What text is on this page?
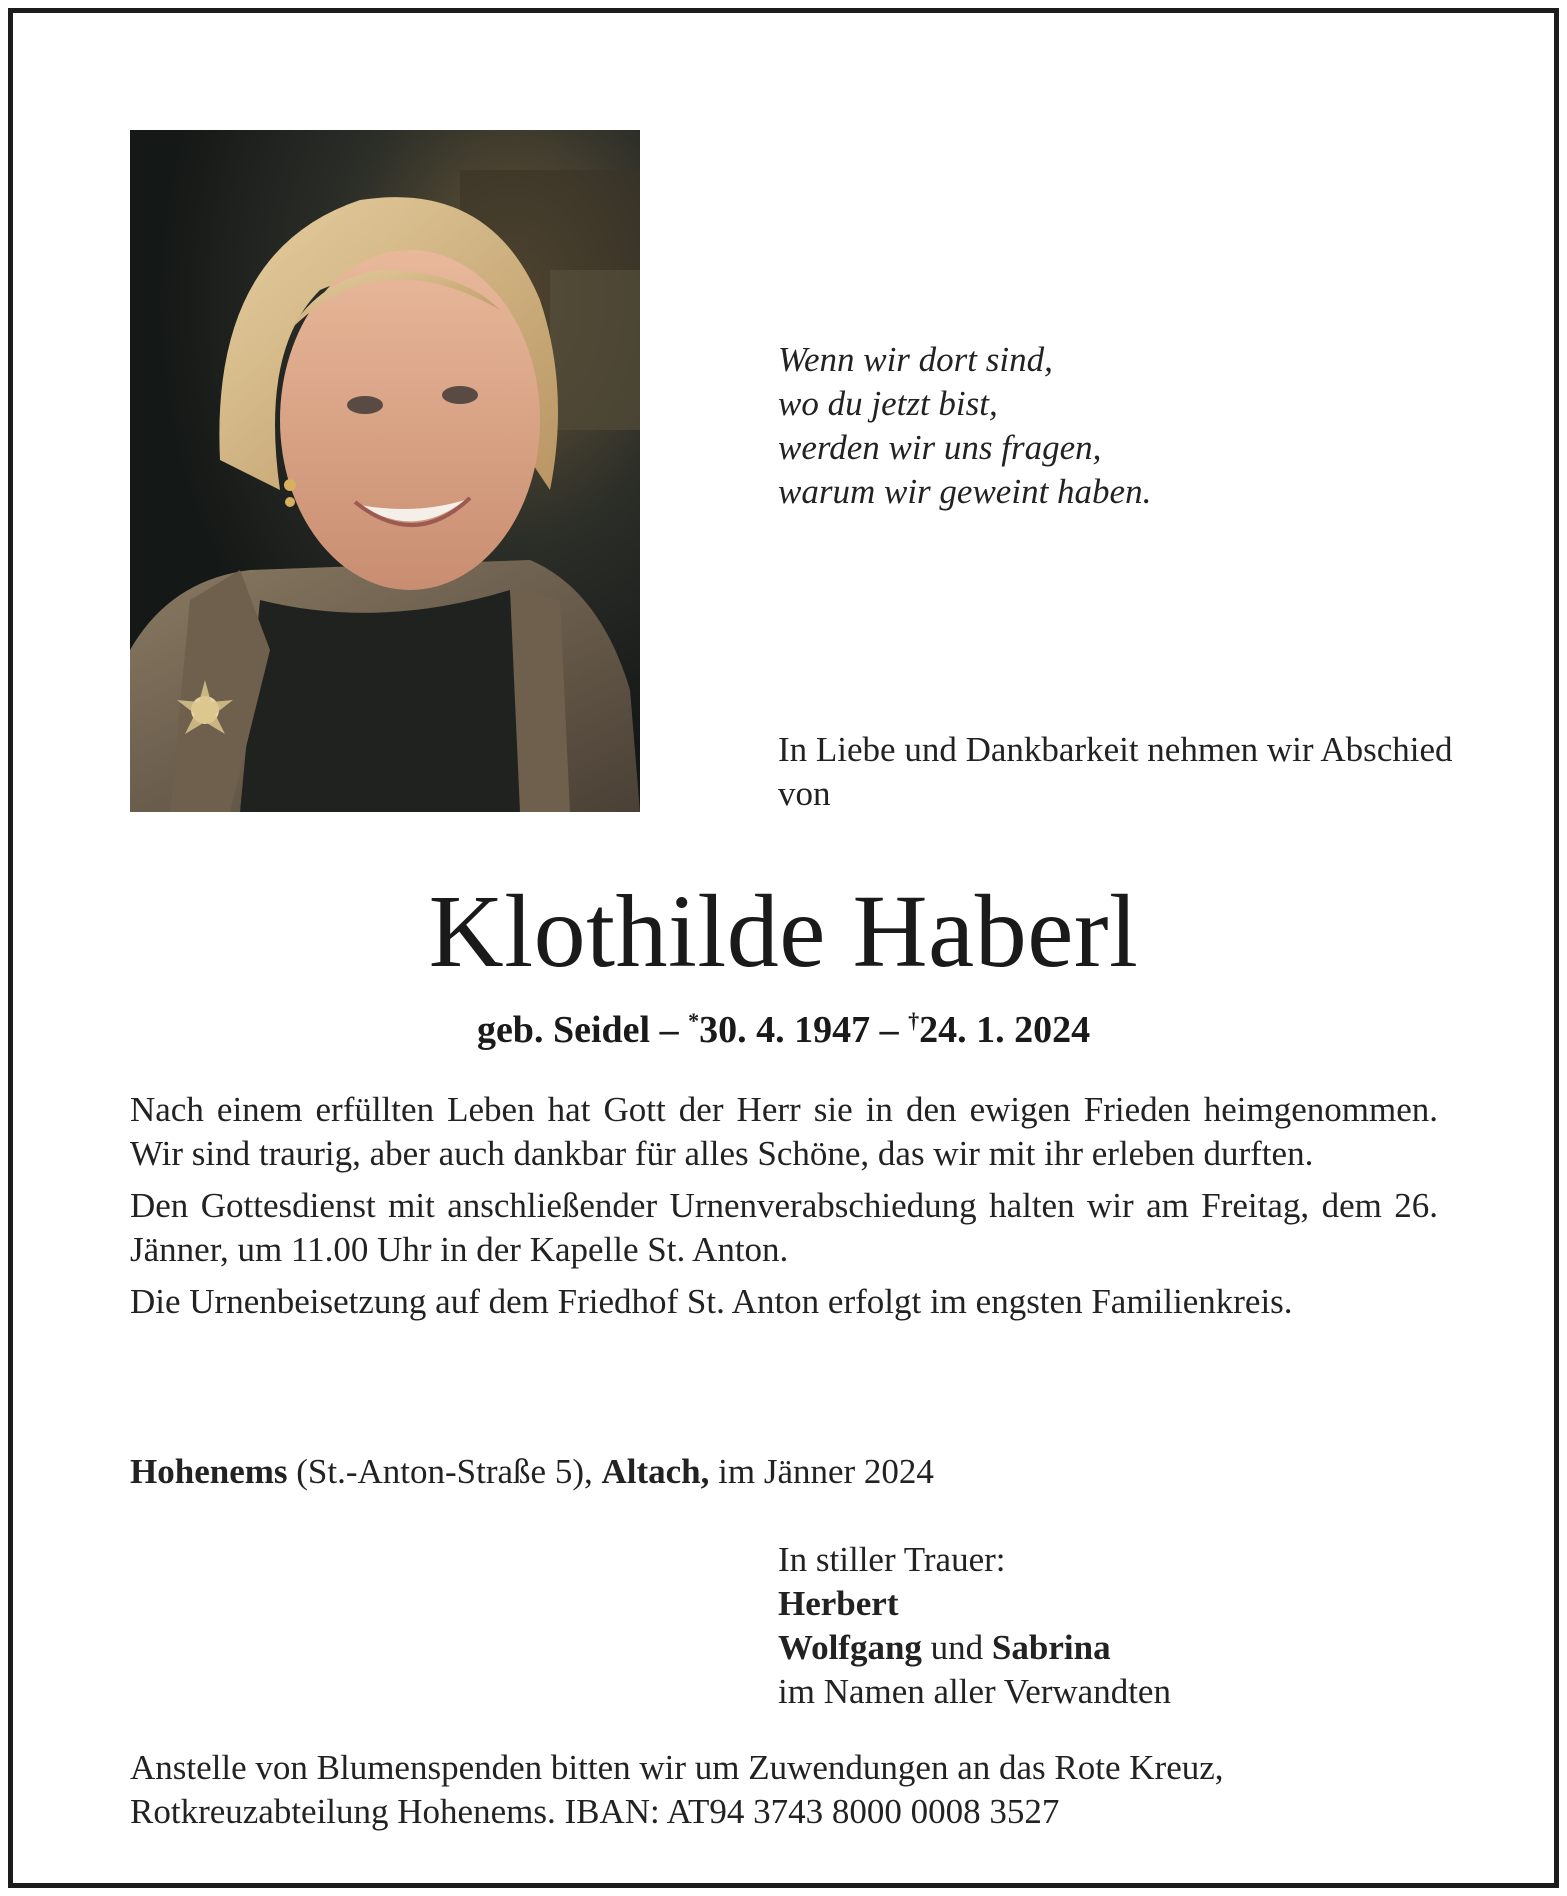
Wenn wir dort sind,
wo du jetzt bist,
werden wir uns fragen,
warum wir geweint haben.
In Liebe und Dankbarkeit nehmen wir Abschied von
Klothilde Haberl
geb. Seidel – *30. 4. 1947 – †24. 1. 2024

Nach einem erfüllten Leben hat Gott der Herr sie in den ewigen Frieden heimgenommen. Wir sind traurig, aber auch dankbar für alles Schöne, das wir mit ihr erleben durften.

Den Gottesdienst mit anschließender Urnenverabschiedung halten wir am Freitag, dem 26. Jänner, um 11.00 Uhr in der Kapelle St. Anton.

Die Urnenbeisetzung auf dem Friedhof St. Anton erfolgt im engsten Familienkreis.

Hohenems (St.-Anton-Straße 5), Altach, im Jänner 2024
In stiller Trauer:
Herbert
Wolfgang und Sabrina
im Namen aller Verwandten
Anstelle von Blumenspenden bitten wir um Zuwendungen an das Rote Kreuz,
Rotkreuzabteilung Hohenems. IBAN: AT94 3743 8000 0008 3527
